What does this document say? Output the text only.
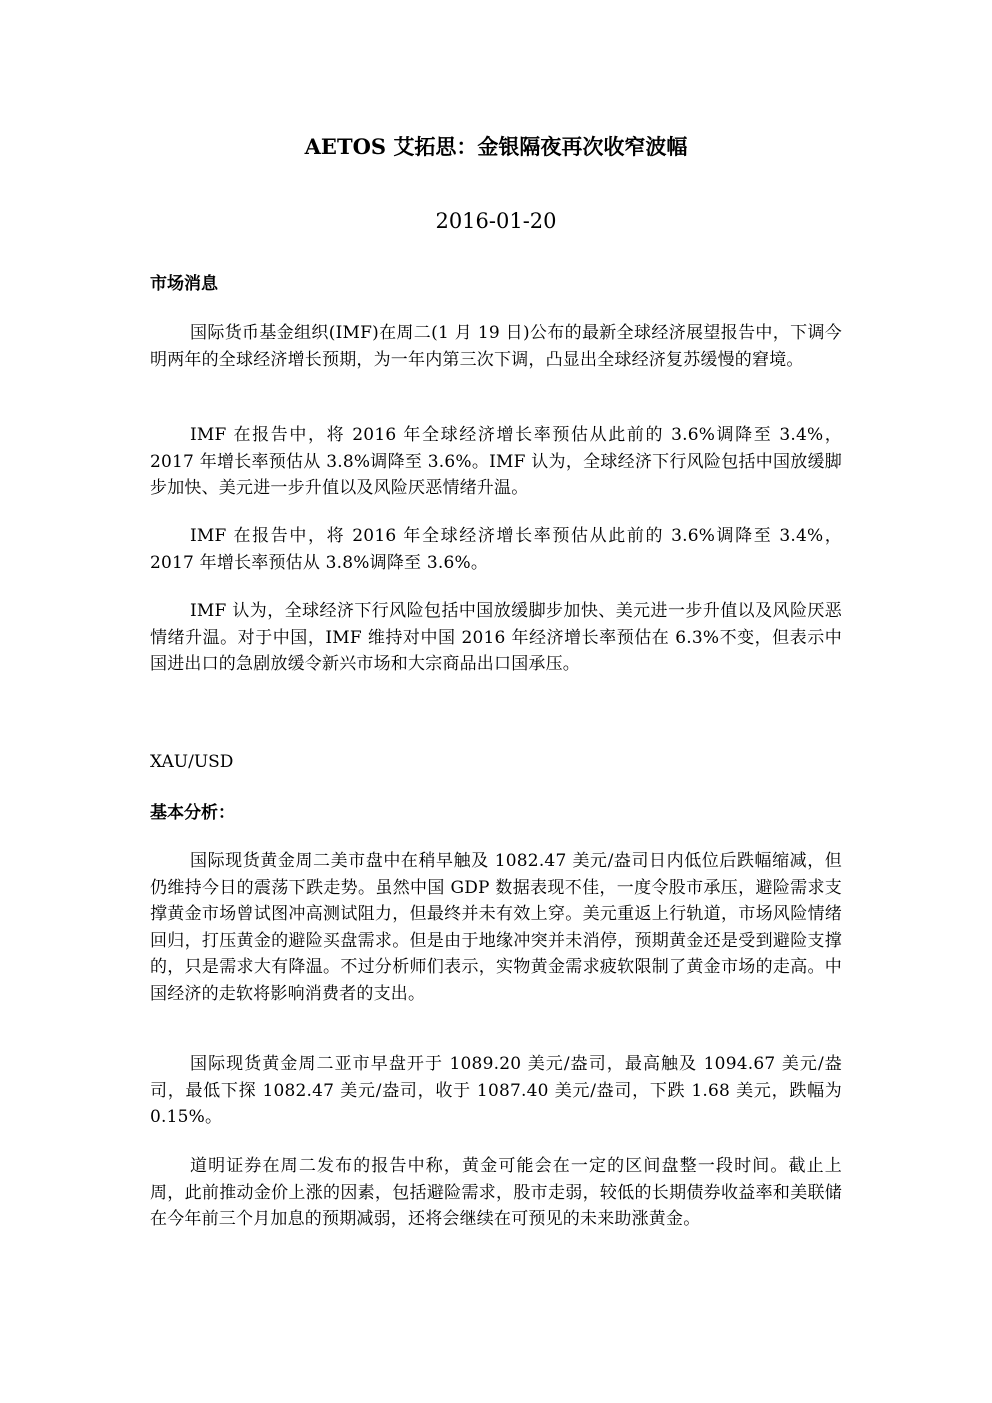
AETOS 艾拓思：金银隔夜再次收窄波幅
2016-01-20
市场消息
国际货币基金组织(IMF)在周二(1 月 19 日)公布的最新全球经济展望报告中，下调今明两年的全球经济增长预期，为一年内第三次下调，凸显出全球经济复苏缓慢的窘境。
IMF 在报告中，将 2016 年全球经济增长率预估从此前的 3.6%调降至 3.4%，2017 年增长率预估从 3.8%调降至 3.6%。IMF 认为，全球经济下行风险包括中国放缓脚步加快、美元进一步升值以及风险厌恶情绪升温。
IMF 在报告中，将 2016 年全球经济增长率预估从此前的 3.6%调降至 3.4%，2017 年增长率预估从 3.8%调降至 3.6%。
IMF 认为，全球经济下行风险包括中国放缓脚步加快、美元进一步升值以及风险厌恶情绪升温。对于中国，IMF 维持对中国 2016 年经济增长率预估在 6.3%不变，但表示中国进出口的急剧放缓令新兴市场和大宗商品出口国承压。
XAU/USD
基本分析：
国际现货黄金周二美市盘中在稍早触及 1082.47 美元/盎司日内低位后跌幅缩减，但仍维持今日的震荡下跌走势。虽然中国 GDP 数据表现不佳，一度令股市承压，避险需求支撑黄金市场曾试图冲高测试阻力，但最终并未有效上穿。美元重返上行轨道，市场风险情绪回归，打压黄金的避险买盘需求。但是由于地缘冲突并未消停，预期黄金还是受到避险支撑的，只是需求大有降温。不过分析师们表示，实物黄金需求疲软限制了黄金市场的走高。中国经济的走软将影响消费者的支出。
国际现货黄金周二亚市早盘开于 1089.20 美元/盎司，最高触及 1094.67 美元/盎司，最低下探 1082.47 美元/盎司，收于 1087.40 美元/盎司，下跌 1.68 美元，跌幅为 0.15%。
道明证券在周二发布的报告中称，黄金可能会在一定的区间盘整一段时间。截止上周，此前推动金价上涨的因素，包括避险需求，股市走弱，较低的长期债券收益率和美联储在今年前三个月加息的预期减弱，还将会继续在可预见的未来助涨黄金。
